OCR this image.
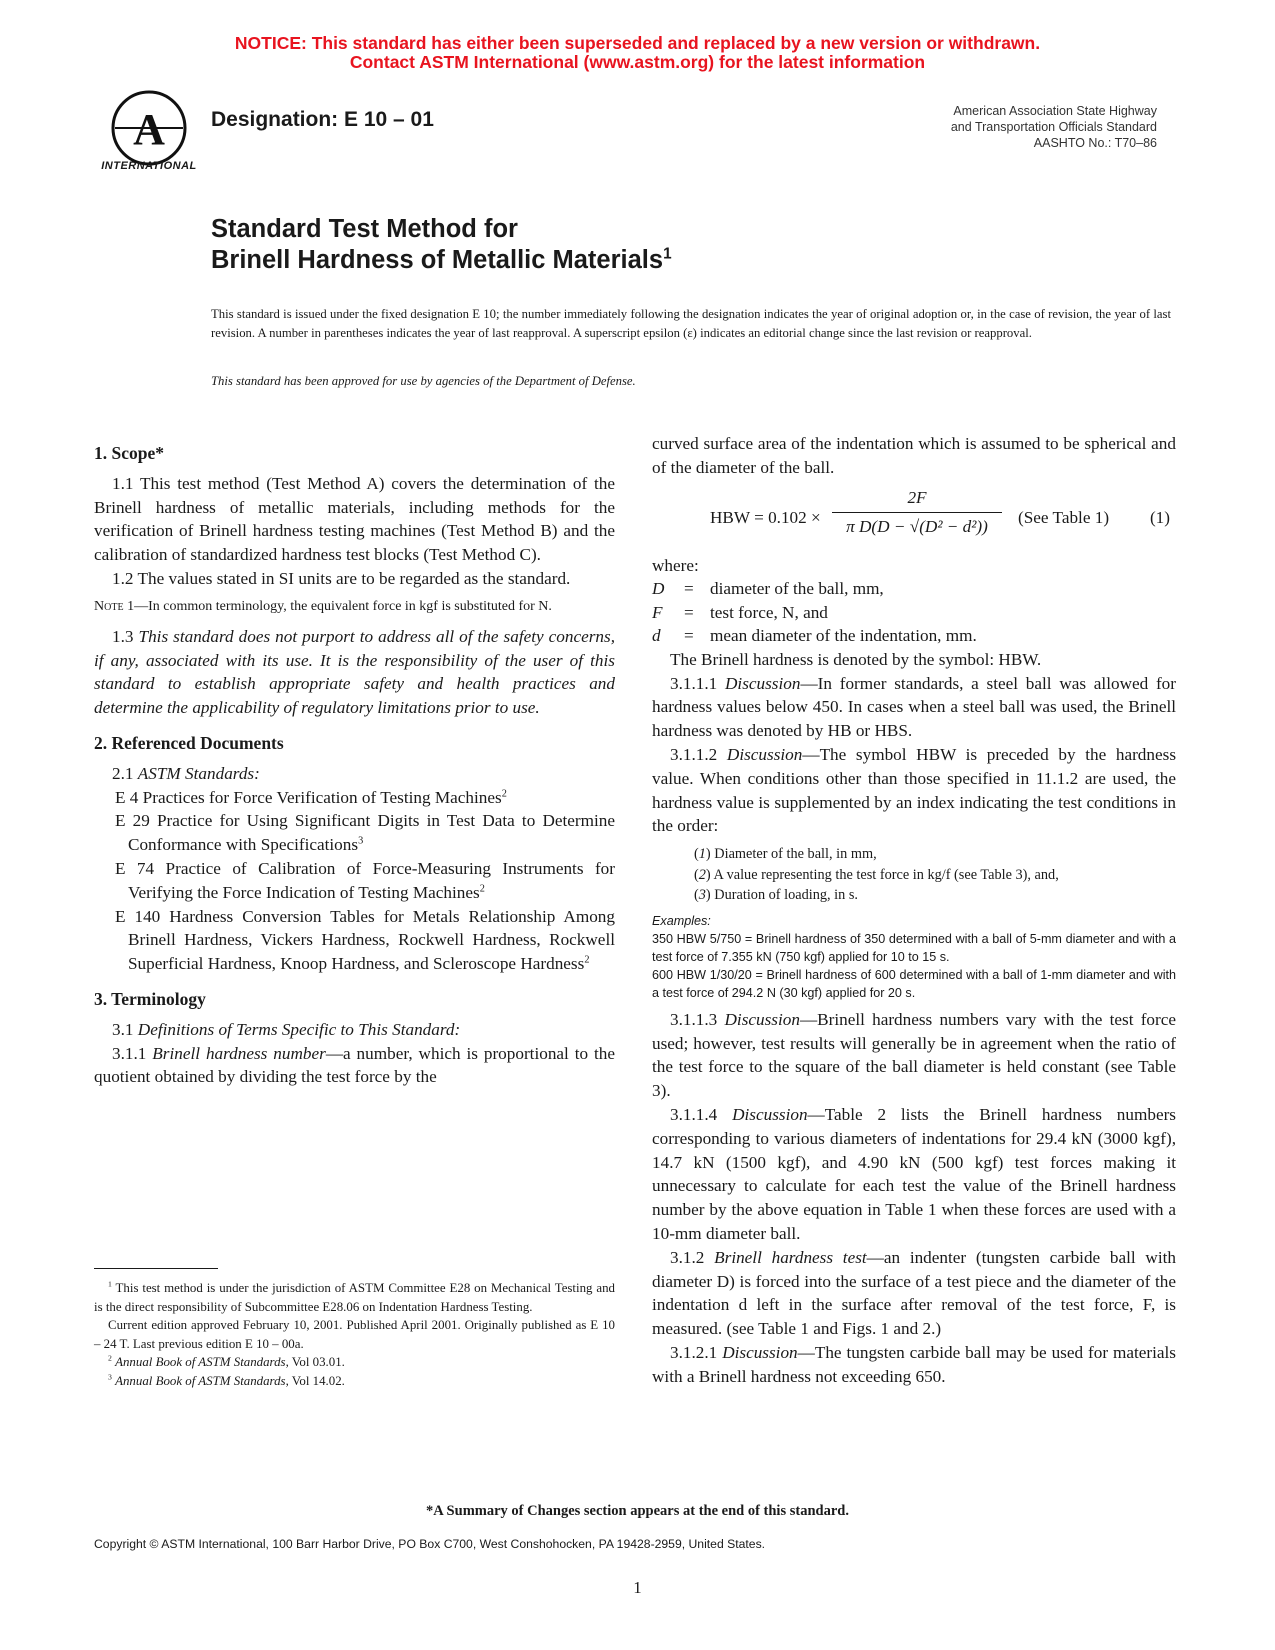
NOTICE: This standard has either been superseded and replaced by a new version or withdrawn.
Contact ASTM International (www.astm.org) for the latest information
A
INTERNATIONAL
Designation: E 10 – 01	American Association State Highway
and Transportation Officials Standard
AASHTO No.: T70–86
Standard Test Method for
Brinell Hardness of Metallic Materials$^1$
This standard is issued under the fixed designation E 10; the number immediately following the designation indicates the year of original adoption or, in the case of revision, the year of last revision. A number in parentheses indicates the year of last reapproval. A superscript epsilon (ε) indicates an editorial change since the last revision or reapproval.
This standard has been approved for use by agencies of the Department of Defense.
1. Scope*

1.1 This test method (Test Method A) covers the determination of the Brinell hardness of metallic materials, including methods for the verification of Brinell hardness testing machines (Test Method B) and the calibration of standardized hardness test blocks (Test Method C).

1.2 The values stated in SI units are to be regarded as the standard.

Note 1—In common terminology, the equivalent force in kgf is substituted for N.

1.3 This standard does not purport to address all of the safety concerns, if any, associated with its use. It is the responsibility of the user of this standard to establish appropriate safety and health practices and determine the applicability of regulatory limitations prior to use.

2. Referenced Documents

2.1 ASTM Standards:

E 4 Practices for Force Verification of Testing Machines$^2$

E 29 Practice for Using Significant Digits in Test Data to Determine Conformance with Specifications$^3$

E 74 Practice of Calibration of Force-Measuring Instruments for Verifying the Force Indication of Testing Machines$^2$

E 140 Hardness Conversion Tables for Metals Relationship Among Brinell Hardness, Vickers Hardness, Rockwell Hardness, Rockwell Superficial Hardness, Knoop Hardness, and Scleroscope Hardness$^2$

3. Terminology

3.1 Definitions of Terms Specific to This Standard:

3.1.1 Brinell hardness number—a number, which is proportional to the quotient obtained by dividing the test force by the

$^1$ This test method is under the jurisdiction of ASTM Committee E28 on Mechanical Testing and is the direct responsibility of Subcommittee E28.06 on Indentation Hardness Testing.

Current edition approved February 10, 2001. Published April 2001. Originally published as E 10 – 24 T. Last previous edition E 10 – 00a.

$^2$ Annual Book of ASTM Standards, Vol 03.01.

$^3$ Annual Book of ASTM Standards, Vol 14.02.

curved surface area of the indentation which is assumed to be spherical and of the diameter of the ball.

HBW = 0.102 ×
2F
π D(D − √(D² − d²))
(See Table 1) (1)

where:

D	=	diameter of the ball, mm,
F	=	test force, N, and
d	=	mean diameter of the indentation, mm.

The Brinell hardness is denoted by the symbol: HBW.

3.1.1.1 Discussion—In former standards, a steel ball was allowed for hardness values below 450. In cases when a steel ball was used, the Brinell hardness was denoted by HB or HBS.

3.1.1.2 Discussion—The symbol HBW is preceded by the hardness value. When conditions other than those specified in 11.1.2 are used, the hardness value is supplemented by an index indicating the test conditions in the order:

(1) Diameter of the ball, in mm,
(2) A value representing the test force in kg/f (see Table 3), and,
(3) Duration of loading, in s.
Examples:

350 HBW 5/750 = Brinell hardness of 350 determined with a ball of 5-mm diameter and with a test force of 7.355 kN (750 kgf) applied for 10 to 15 s.

600 HBW 1/30/20 = Brinell hardness of 600 determined with a ball of 1-mm diameter and with a test force of 294.2 N (30 kgf) applied for 20 s.

3.1.1.3 Discussion—Brinell hardness numbers vary with the test force used; however, test results will generally be in agreement when the ratio of the test force to the square of the ball diameter is held constant (see Table 3).

3.1.1.4 Discussion—Table 2 lists the Brinell hardness numbers corresponding to various diameters of indentations for 29.4 kN (3000 kgf), 14.7 kN (1500 kgf), and 4.90 kN (500 kgf) test forces making it unnecessary to calculate for each test the value of the Brinell hardness number by the above equation in Table 1 when these forces are used with a 10-mm diameter ball.

3.1.2 Brinell hardness test—an indenter (tungsten carbide ball with diameter D) is forced into the surface of a test piece and the diameter of the indentation d left in the surface after removal of the test force, F, is measured. (see Table 1 and Figs. 1 and 2.)

3.1.2.1 Discussion—The tungsten carbide ball may be used for materials with a Brinell hardness not exceeding 650.

*A Summary of Changes section appears at the end of this standard.
Copyright © ASTM International, 100 Barr Harbor Drive, PO Box C700, West Conshohocken, PA 19428-2959, United States.
1
